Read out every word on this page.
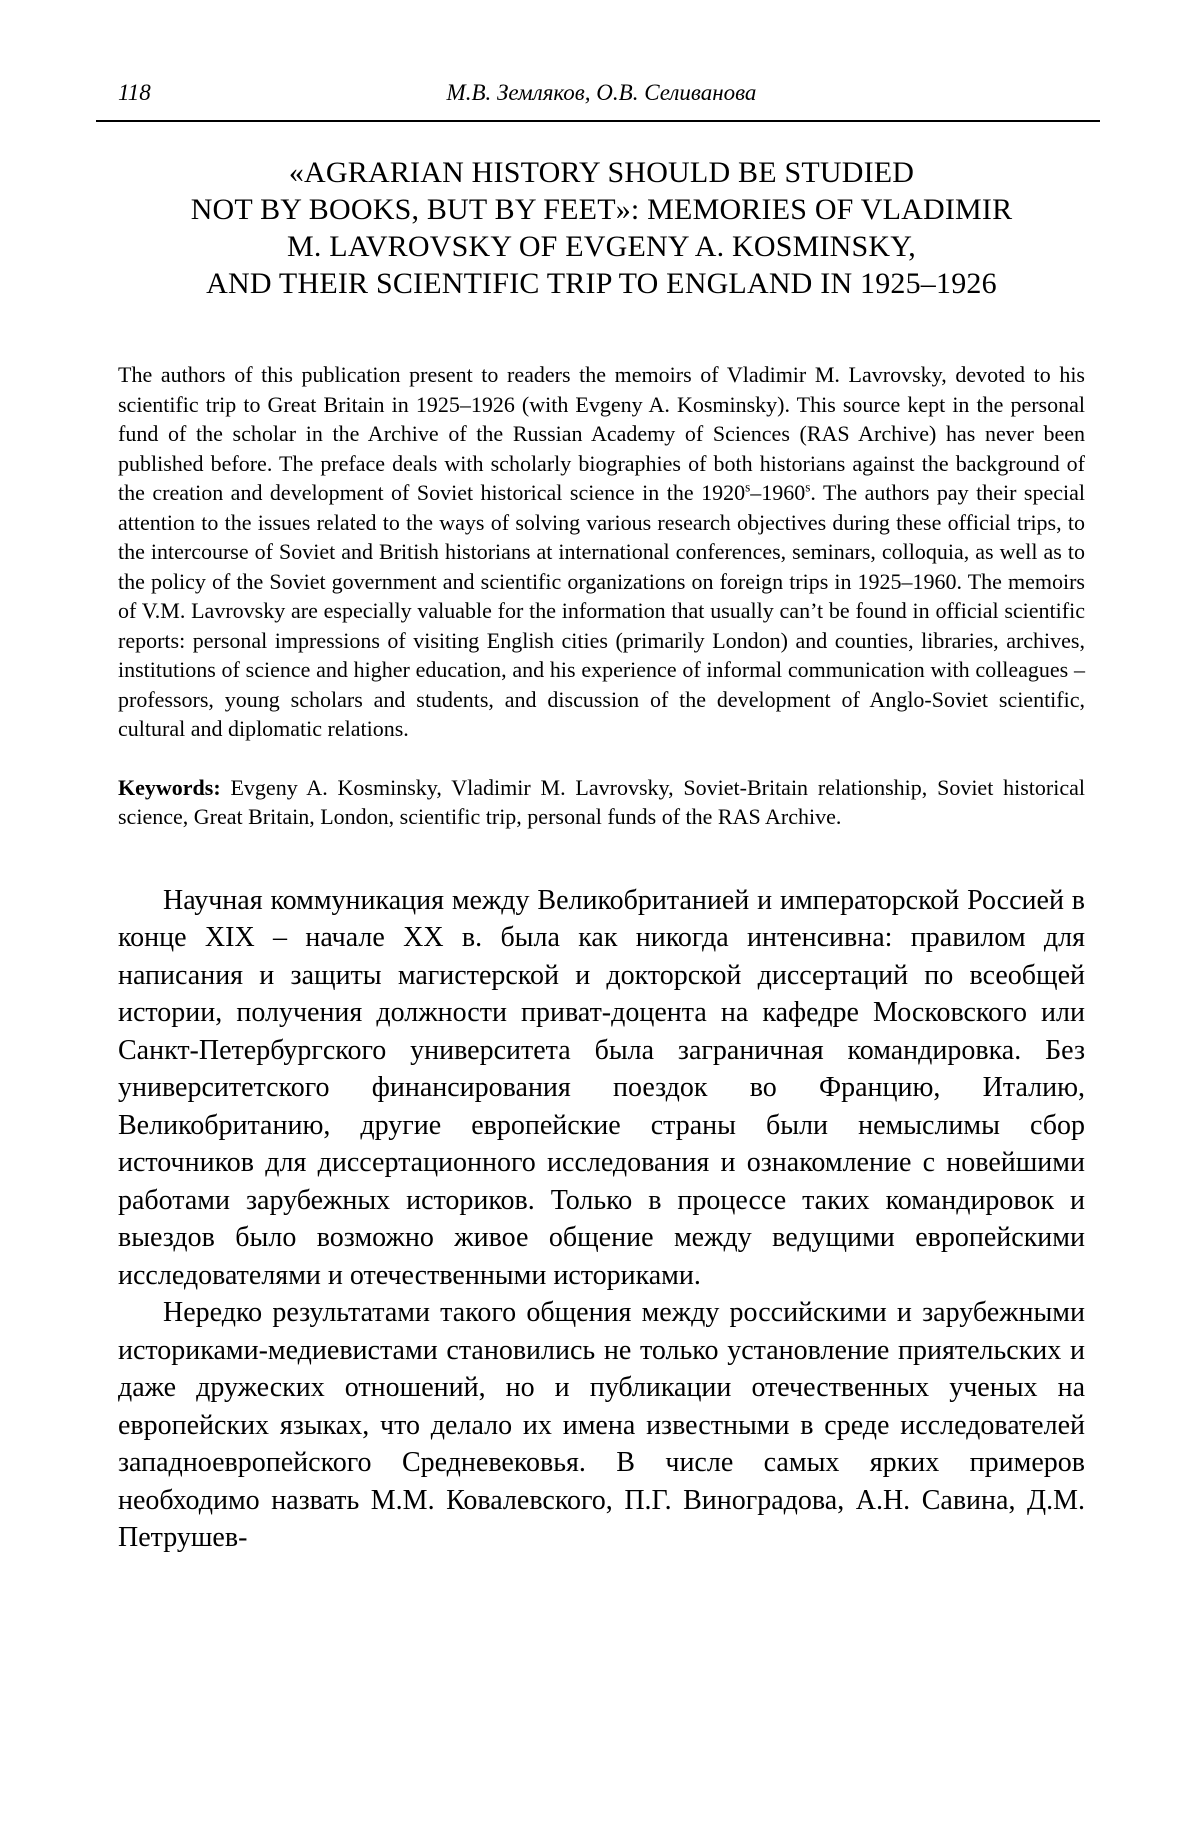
118	М.В. Земляков, О.В. Селиванова
«AGRARIAN HISTORY SHOULD BE STUDIED
NOT BY BOOKS, BUT BY FEET»: MEMORIES OF VLADIMIR
M. LAVROVSKY OF EVGENY A. KOSMINSKY,
AND THEIR SCIENTIFIC TRIP TO ENGLAND IN 1925–1926

The authors of this publication present to readers the memoirs of Vladimir M. Lavrovsky, devoted to his scientific trip to Great Britain in 1925–1926 (with Evgeny A. Kosminsky). This source kept in the personal fund of the scholar in the Archive of the Russian Academy of Sciences (RAS Archive) has never been published before. The preface deals with scholarly biographies of both historians against the background of the creation and development of Soviet historical science in the 1920$^s$–1960$^s$. The authors pay their special attention to the issues related to the ways of solving various research objectives during these official trips, to the intercourse of Soviet and British historians at international conferences, seminars, colloquia, as well as to the policy of the Soviet government and scientific organizations on foreign trips in 1925–1960. The memoirs of V.M. Lavrovsky are especially valuable for the information that usually can’t be found in official scientific reports: personal impressions of visiting English cities (primarily London) and counties, libraries, archives, institutions of science and higher education, and his experience of informal communication with colleagues – professors, young scholars and students, and discussion of the development of Anglo-Soviet scientific, cultural and diplomatic relations.

Keywords: Evgeny A. Kosminsky, Vladimir M. Lavrovsky, Soviet-Britain relationship, Soviet historical science, Great Britain, London, scientific trip, personal funds of the RAS Archive.

Научная коммуникация между Великобританией и императорской Россией в конце XIX – начале XX в. была как никогда интенсивна: правилом для написания и защиты магистерской и докторской диссертаций по всеобщей истории, получения должности приват-доцента на кафедре Московского или Санкт-Петербургского университета была заграничная командировка. Без университетского финансирования поездок во Францию, Италию, Великобританию, другие европейские страны были немыслимы сбор источников для диссертационного исследования и ознакомление с новейшими работами зарубежных историков. Только в процессе таких командировок и выездов было возможно живое общение между ведущими европейскими исследователями и отечественными историками.

Нередко результатами такого общения между российскими и зарубежными историками-медиевистами становились не только установление приятельских и даже дружеских отношений, но и публикации отечественных ученых на европейских языках, что делало их имена известными в среде исследователей западноевропейского Средневековья. В числе самых ярких примеров необходимо назвать М.М. Ковалевского, П.Г. Виноградова, А.Н. Савина, Д.М. Петрушев-
